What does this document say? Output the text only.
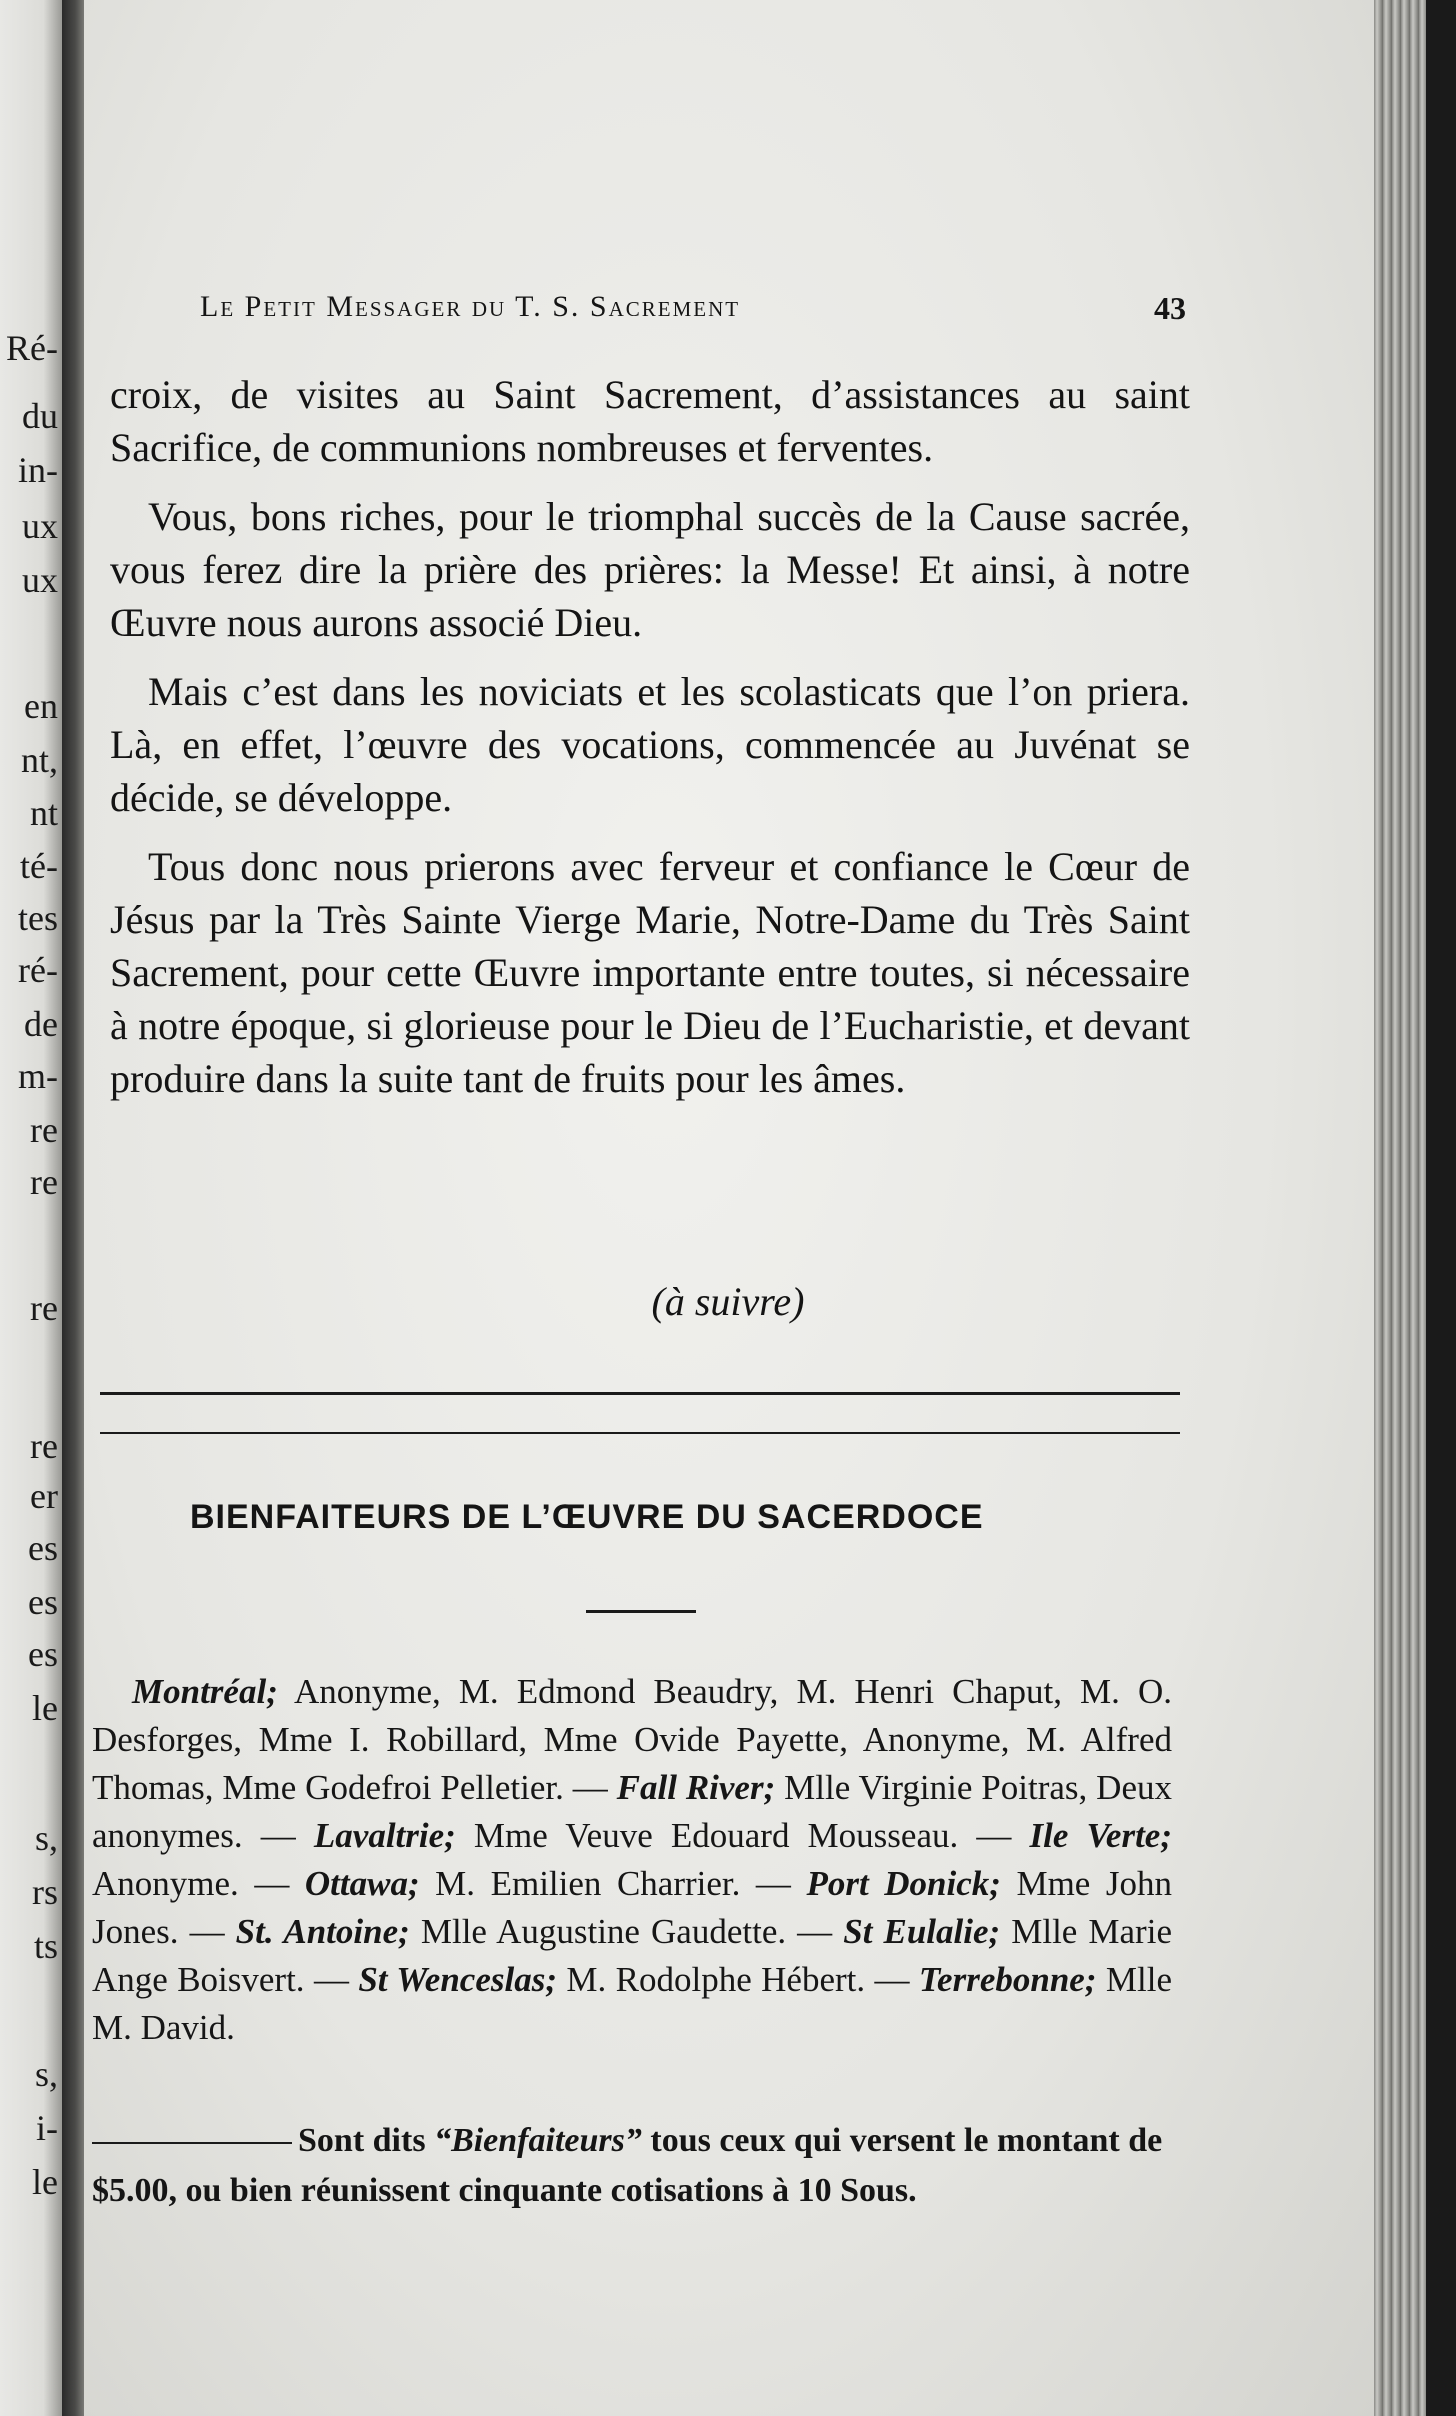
Ré-
du
in-
ux
ux
en
nt,
nt
té-
tes
ré-
de
m-
re
re
re
re
er
es
es
es
le
s,
rs
ts
s,
i-
le
Le Petit Messager du T. S. Sacrement	43

croix, de visites au Saint Sacrement, d’assistances au saint Sacrifice, de communions nombreuses et ferventes.

Vous, bons riches, pour le triomphal succès de la Cause sacrée, vous ferez dire la prière des prières: la Messe! Et ainsi, à notre Œuvre nous aurons associé Dieu.

Mais c’est dans les noviciats et les scolasticats que l’on priera. Là, en effet, l’œuvre des vocations, commencée au Juvénat se décide, se développe.

Tous donc nous prierons avec ferveur et confiance le Cœur de Jésus par la Très Sainte Vierge Marie, Notre-Dame du Très Saint Sacrement, pour cette Œuvre importante entre toutes, si nécessaire à notre époque, si glorieuse pour le Dieu de l’Eucharistie, et devant produire dans la suite tant de fruits pour les âmes.

(à suivre)
BIENFAITEURS DE L’ŒUVRE DU SACERDOCE

Montréal; Anonyme, M. Edmond Beaudry, M. Henri Chaput, M. O. Desforges, Mme I. Robillard, Mme Ovide Payette, Anonyme, M. Alfred Thomas, Mme Godefroi Pelletier. — Fall River; Mlle Virginie Poitras, Deux anonymes. — Lavaltrie; Mme Veuve Edouard Mousseau. — Ile Verte; Anonyme. — Ottawa; M. Emilien Charrier. — Port Donick; Mme John Jones. — St. Antoine; Mlle Augustine Gaudette. — St Eulalie; Mlle Marie Ange Boisvert. — St Wenceslas; M. Rodolphe Hébert. — Terrebonne; Mlle M. David.

Sont dits “Bienfaiteurs” tous ceux qui versent le montant de $5.00, ou bien réunissent cinquante cotisations à 10 Sous.
